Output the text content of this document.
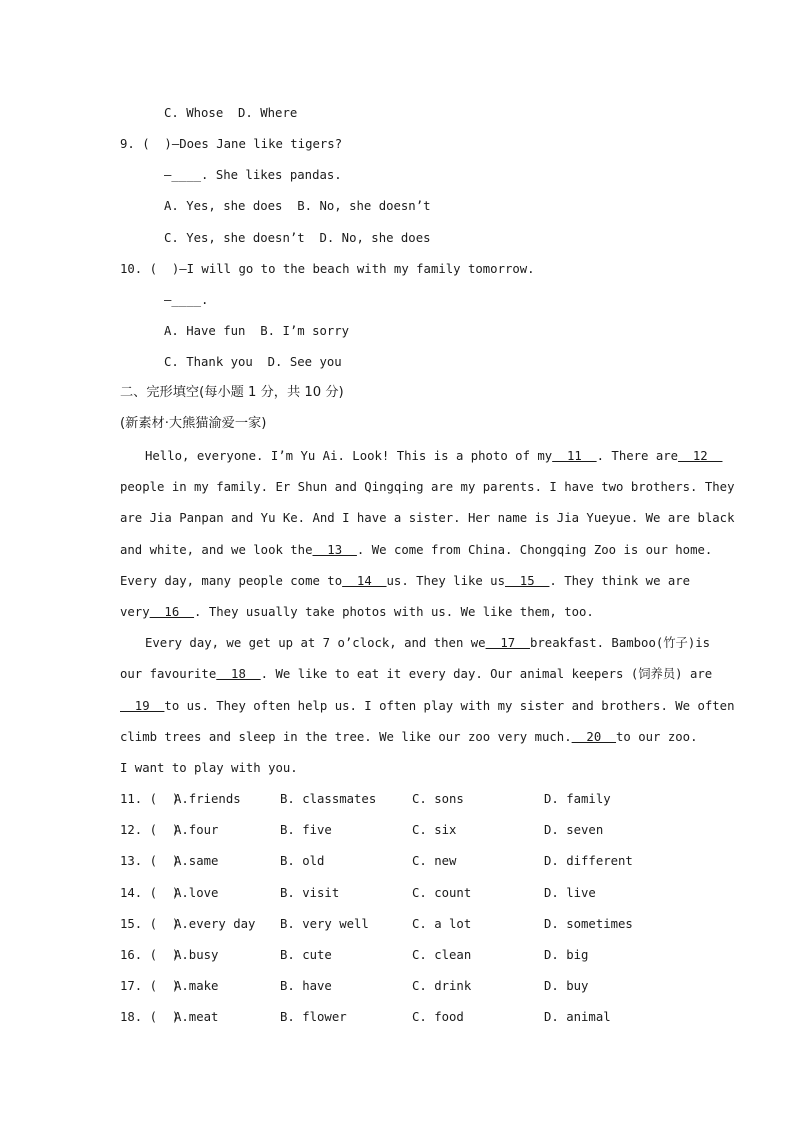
C. Whose  D. Where
9. (  )—Does Jane like tigers?
—____. She likes pandas.
A. Yes, she does  B. No, she doesn’t
C. Yes, she doesn’t  D. No, she does
10. (  )—I will go to the beach with my family tomorrow.
—____.
A. Have fun  B. I’m sorry
C. Thank you  D. See you
二、完形填空(每小题 1 分，共 10 分)
(新素材·大熊猫渝爱一家)
Hello, everyone. I’m Yu Ai. Look! This is a photo of my 11 . There are 12
people in my family. Er Shun and Qingqing are my parents. I have two brothers. They
are Jia Panpan and Yu Ke. And I have a sister. Her name is Jia Yueyue. We are black
and white, and we look the 13 . We come from China. Chongqing Zoo is our home.
Every day, many people come to 14 us. They like us 15 . They think we are
very 16 . They usually take photos with us. We like them, too.
Every day, we get up at 7 o’clock, and then we 17 breakfast. Bamboo(竹子)is
our favourite 18 . We like to eat it every day. Our animal keepers (饲养员) are
19 to us. They often help us. I often play with my sister and brothers. We often
climb trees and sleep in the tree. We like our zoo very much. 20 to our zoo.
I want to play with you.
11. (  )
A.friends	B. classmates	C. sons	D. family
12. (  )
A.four	B. five	C. six	D. seven
13. (  )
A.same	B. old	C. new	D. different
14. (  )
A.love	B. visit	C. count	D. live
15. (  )
A.every day B. very well	C. a lot	D. sometimes
16. (  )
A.busy	B. cute	C. clean	D. big
17. (  )
A.make	B. have	C. drink	D. buy
18. (  )
A.meat	B. flower	C. food	D. animal
